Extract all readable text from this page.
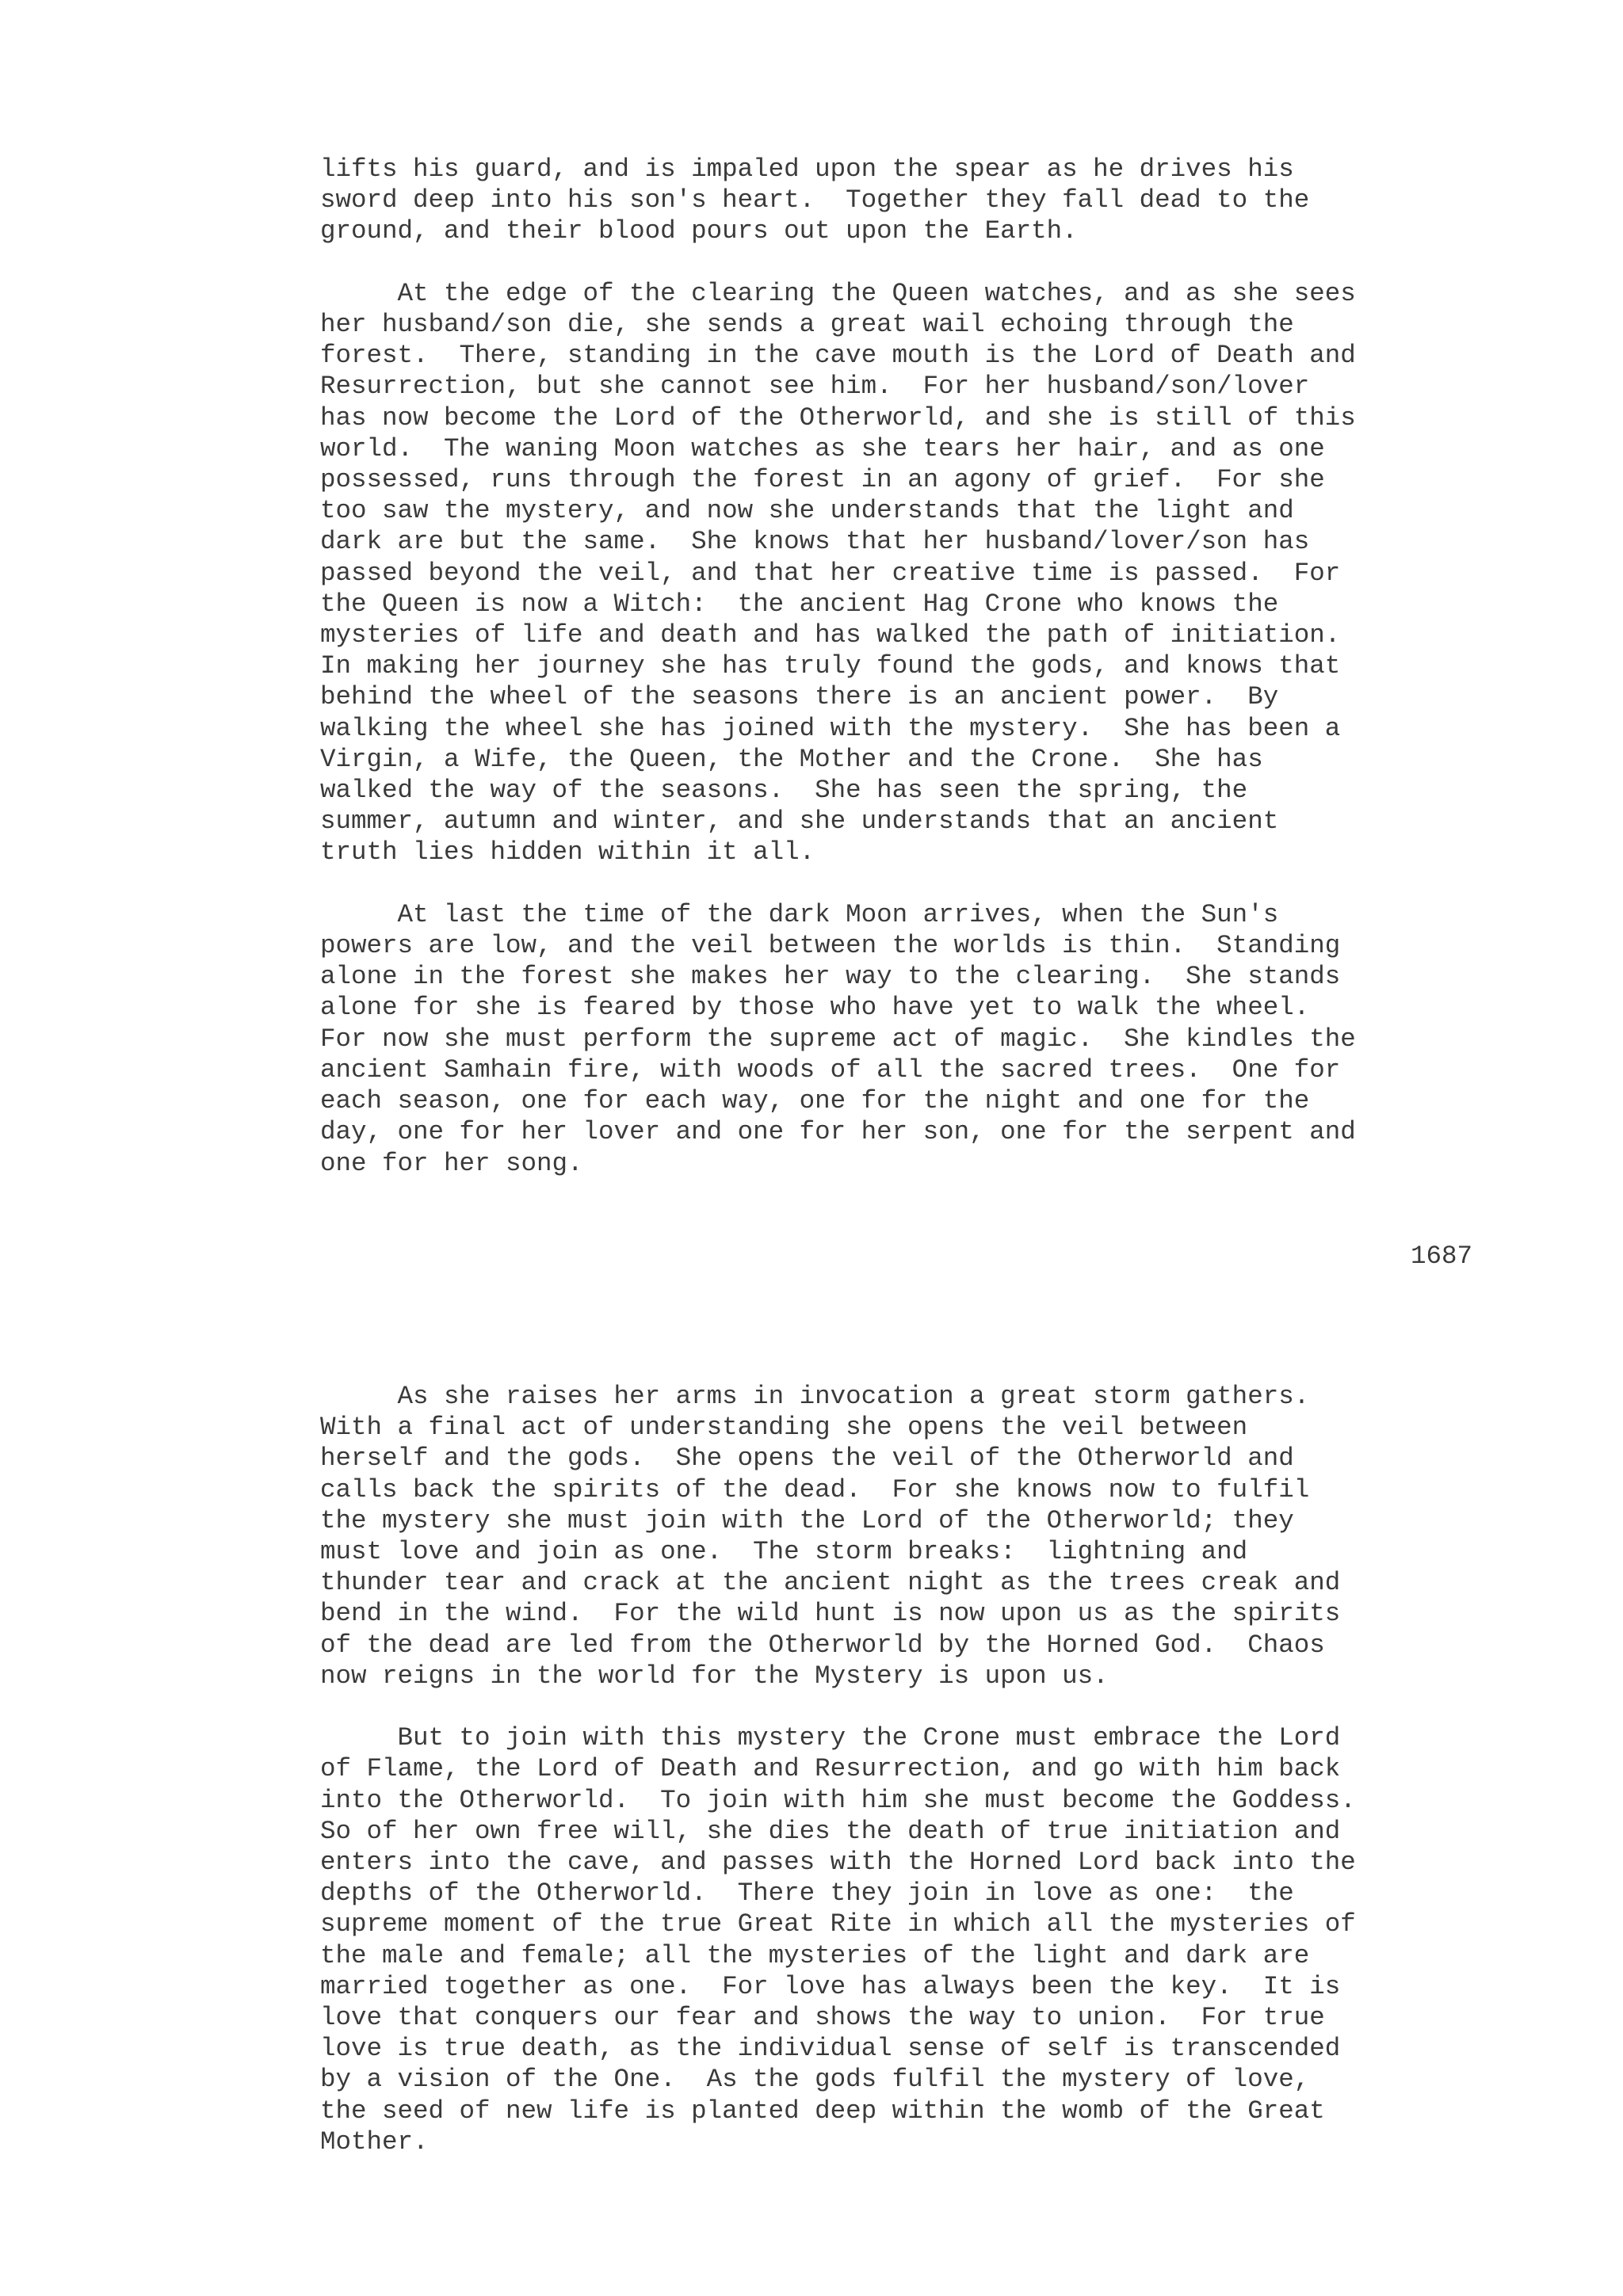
lifts his guard, and is impaled upon the spear as he drives his
sword deep into his son's heart.  Together they fall dead to the
ground, and their blood pours out upon the Earth.

At the edge of the clearing the Queen watches, and as she sees
her husband/son die, she sends a great wail echoing through the
forest.  There, standing in the cave mouth is the Lord of Death and
Resurrection, but she cannot see him.  For her husband/son/lover
has now become the Lord of the Otherworld, and she is still of this
world.  The waning Moon watches as she tears her hair, and as one
possessed, runs through the forest in an agony of grief.  For she
too saw the mystery, and now she understands that the light and
dark are but the same.  She knows that her husband/lover/son has
passed beyond the veil, and that her creative time is passed.  For
the Queen is now a Witch:  the ancient Hag Crone who knows the
mysteries of life and death and has walked the path of initiation.
In making her journey she has truly found the gods, and knows that
behind the wheel of the seasons there is an ancient power.  By
walking the wheel she has joined with the mystery.  She has been a
Virgin, a Wife, the Queen, the Mother and the Crone.  She has
walked the way of the seasons.  She has seen the spring, the
summer, autumn and winter, and she understands that an ancient
truth lies hidden within it all.

At last the time of the dark Moon arrives, when the Sun's
powers are low, and the veil between the worlds is thin.  Standing
alone in the forest she makes her way to the clearing.  She stands
alone for she is feared by those who have yet to walk the wheel.
For now she must perform the supreme act of magic.  She kindles the
ancient Samhain fire, with woods of all the sacred trees.  One for
each season, one for each way, one for the night and one for the
day, one for her lover and one for her son, one for the serpent and
one for her song.
1687
As she raises her arms in invocation a great storm gathers.
With a final act of understanding she opens the veil between
herself and the gods.  She opens the veil of the Otherworld and
calls back the spirits of the dead.  For she knows now to fulfil
the mystery she must join with the Lord of the Otherworld; they
must love and join as one.  The storm breaks:  lightning and
thunder tear and crack at the ancient night as the trees creak and
bend in the wind.  For the wild hunt is now upon us as the spirits
of the dead are led from the Otherworld by the Horned God.  Chaos
now reigns in the world for the Mystery is upon us.

But to join with this mystery the Crone must embrace the Lord
of Flame, the Lord of Death and Resurrection, and go with him back
into the Otherworld.  To join with him she must become the Goddess.
So of her own free will, she dies the death of true initiation and
enters into the cave, and passes with the Horned Lord back into the
depths of the Otherworld.  There they join in love as one:  the
supreme moment of the true Great Rite in which all the mysteries of
the male and female; all the mysteries of the light and dark are
married together as one.  For love has always been the key.  It is
love that conquers our fear and shows the way to union.  For true
love is true death, as the individual sense of self is transcended
by a vision of the One.  As the gods fulfil the mystery of love,
the seed of new life is planted deep within the womb of the Great
Mother.
